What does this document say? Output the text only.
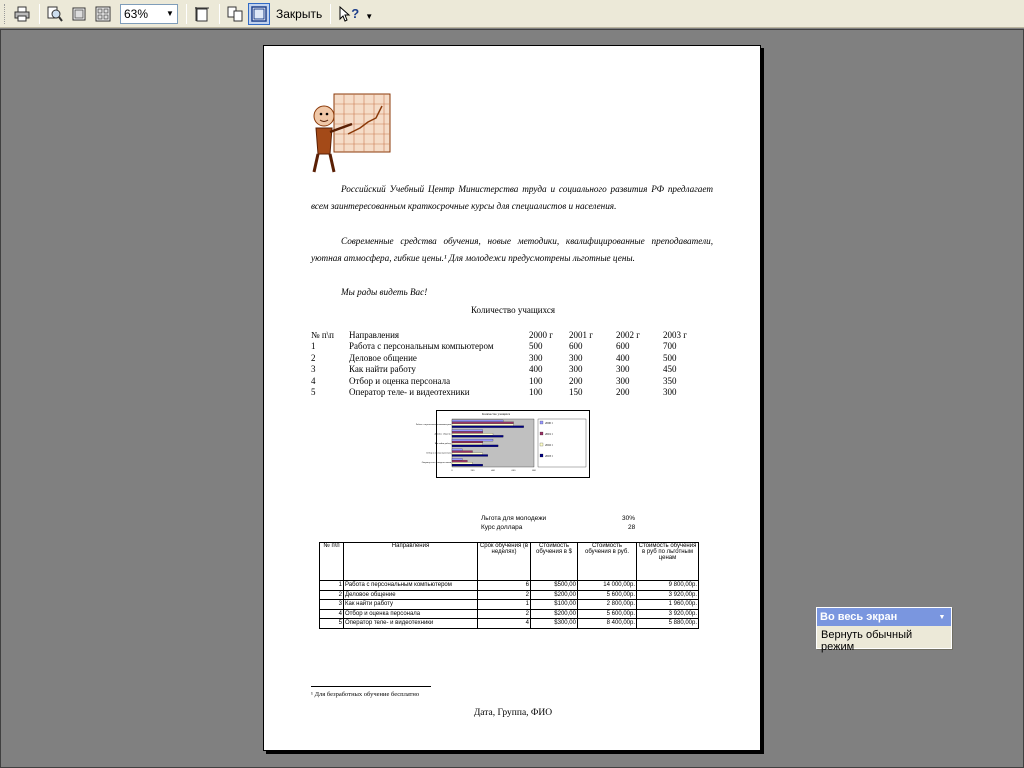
63%	▼	Закрыть	? ▼
Российский Учебный Центр Министерства труда и социального развития РФ предлагает всем заинтересованным краткосрочные курсы для специалистов и населения.
Современные средства обучения, новые методики, квалифицированные преподаватели, уютная атмосфера, гибкие цены.¹ Для молодежи предусмотрены льготные цены.
Мы рады видеть Вас!
Количество учащихся
№ п\п	Направления	2000 г	2001 г	2002 г	2003 г
1	Работа с персональным компьютером	500	600	600	700
2	Деловое общение	300	300	400	500
3	Как найти работу	400	300	300	450
4	Отбор и оценка персонала	100	200	300	350
5	Оператор теле- и видеотехники	100	150	200	300
Количество учащихся
Работа с персональным компьютером
Деловое общение
Как найти работу
Отбор и оценка персонала
Оператор теле- и видеотехники
0	200	400	600	800
2000 г
2001 г
2002 г
2003 г
Льгота для молодежи	30%
Курс доллара	28
№ п\п	Направления	Срок обучения (в неделях)	Стоимость обучения в $	Стоимость обучения в руб.	Стоимость обучения в руб по льготным ценам
1	Работа с персональным компьютером	6	$500,00	14 000,00р.	9 800,00р.
2	Деловое общение	2	$200,00	5 600,00р.	3 920,00р.
3	Как найти работу	1	$100,00	2 800,00р.	1 960,00р.
4	Отбор и оценка персонала	2	$200,00	5 600,00р.	3 920,00р.
5	Оператор теле- и видеотехники	4	$300,00	8 400,00р.	5 880,00р.
¹ Для безработных обучение бесплатно
Дата, Группа, ФИО
Во весь экран	▼
Вернуть обычный режим
